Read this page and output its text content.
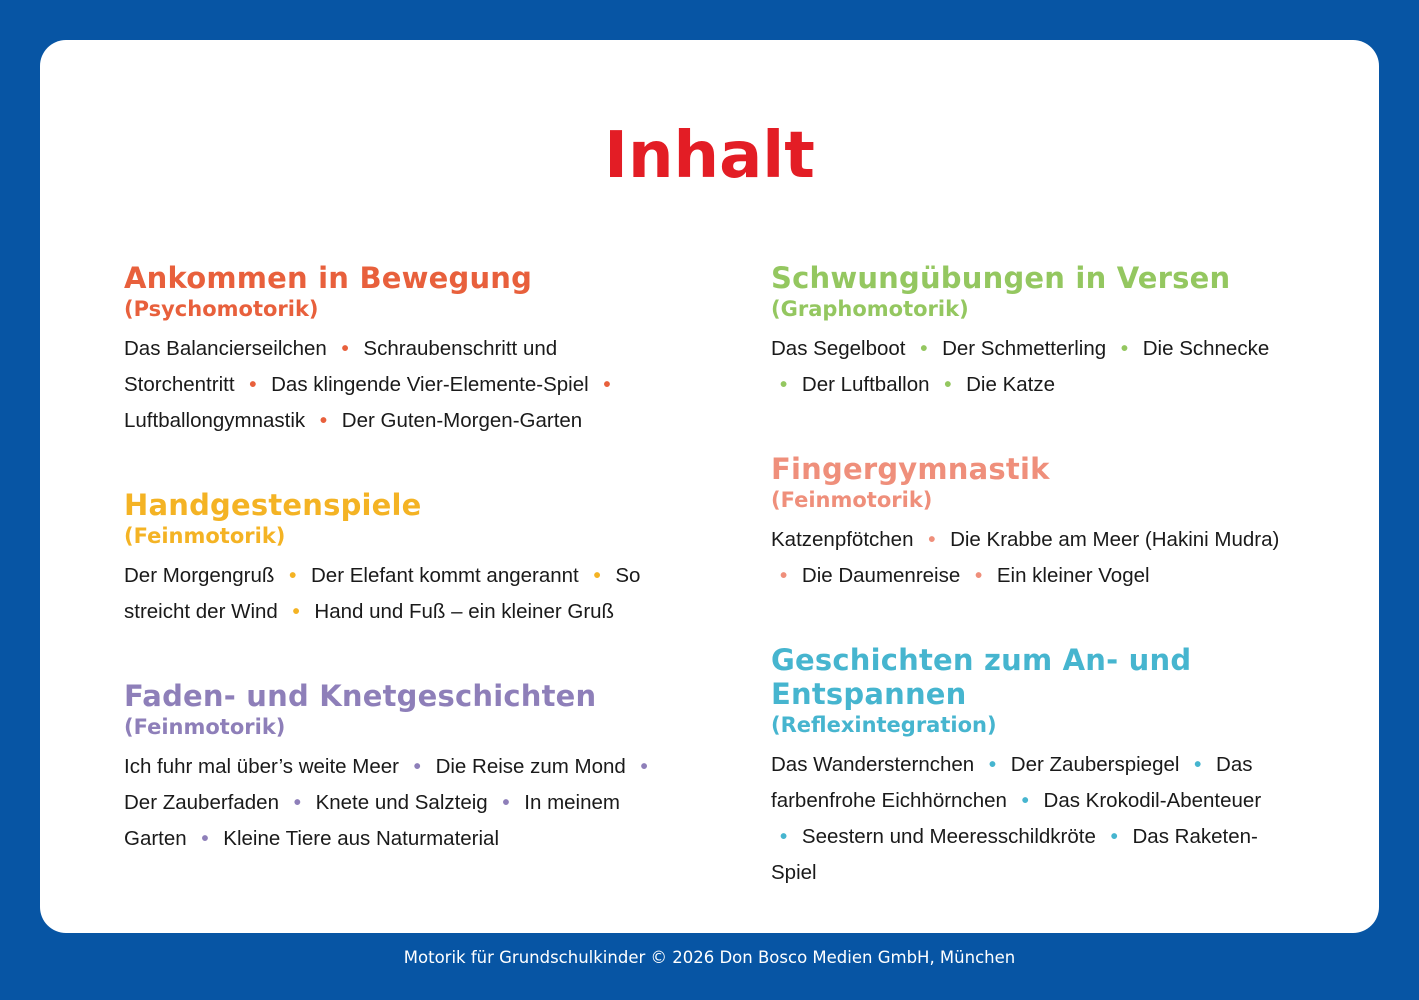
Inhalt
Ankommen in Bewegung
(Psychomotorik)

Das Balancierseilchen • Schraubenschritt und Storchentritt • Das klingende Vier-Elemente-Spiel • Luftballongymnastik • Der Guten-Morgen-Garten

Handgestenspiele
(Feinmotorik)

Der Morgengruß • Der Elefant kommt angerannt • So streicht der Wind • Hand und Fuß – ein kleiner Gruß

Faden- und Knetgeschichten
(Feinmotorik)

Ich fuhr mal über’s weite Meer • Die Reise zum Mond • Der Zauberfaden • Knete und Salzteig • In meinem Garten • Kleine Tiere aus Naturmaterial

Schwungübungen in Versen
(Graphomotorik)

Das Segelboot • Der Schmetterling • Die Schnecke • Der Luftballon • Die Katze

Fingergymnastik
(Feinmotorik)

Katzenpfötchen • Die Krabbe am Meer (Hakini Mudra) • Die Daumenreise • Ein kleiner Vogel

Geschichten zum An- und Entspannen
(Reflexintegration)

Das Wandersternchen • Der Zauberspiegel • Das farbenfrohe Eichhörnchen • Das Krokodil-Abenteuer • Seestern und Meeresschildkröte • Das Raketen-Spiel

Motorik für Grundschulkinder © 2026 Don Bosco Medien GmbH, München
